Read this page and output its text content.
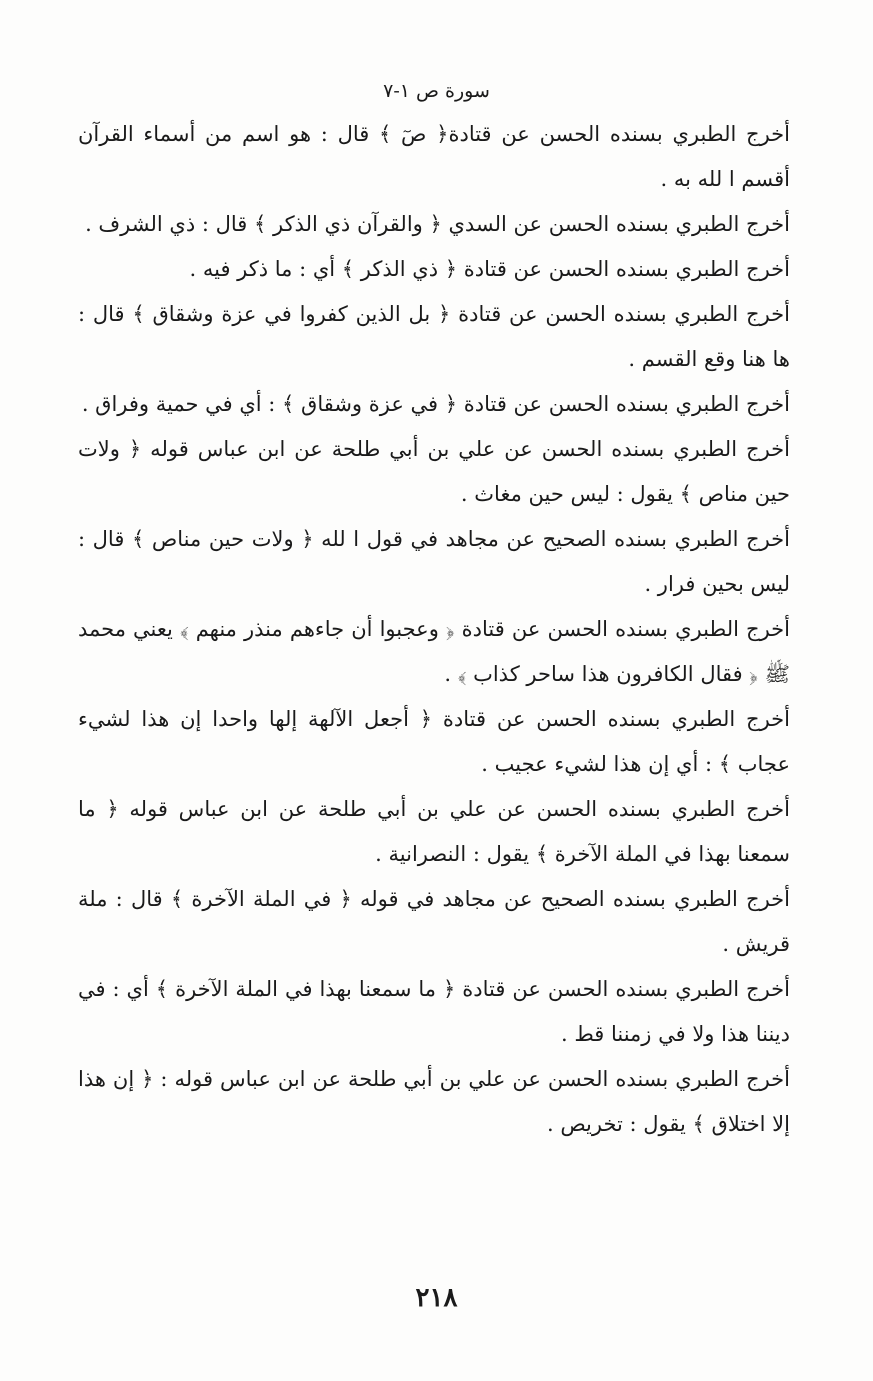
سورة ص ١-٧

أخرج الطبري بسنده الحسن عن قتادة﴿ صٓ ﴾ قال : هو اسم من أسماء القرآن أقسم ا لله به .

أخرج الطبري بسنده الحسن عن السدي ﴿ والقرآن ذي الذكر ﴾ قال : ذي الشرف .

أخرج الطبري بسنده الحسن عن قتادة ﴿ ذي الذكر ﴾ أي : ما ذكر فيه .

أخرج الطبري بسنده الحسن عن قتادة ﴿ بل الذين كفروا في عزة وشقاق ﴾ قال : ها هنا وقع القسم .

أخرج الطبري بسنده الحسن عن قتادة ﴿ في عزة وشقاق ﴾ : أي في حمية وفراق .

أخرج الطبري بسنده الحسن عن علي بن أبي طلحة عن ابن عباس قوله ﴿ ولات حين مناص ﴾ يقول : ليس حين مغاث .

أخرج الطبري بسنده الصحيح عن مجاهد في قول ا لله ﴿ ولات حين مناص ﴾ قال : ليس بحين فرار .

أخرج الطبري بسنده الحسن عن قتادة ﴿ وعجبوا أن جاءهم منذر منهم ﴾ يعني محمد ﷺ ﴿ فقال الكافرون هذا ساحر كذاب ﴾ .

أخرج الطبري بسنده الحسن عن قتادة ﴿ أجعل الآلهة إلها واحدا إن هذا لشيء عجاب ﴾ : أي إن هذا لشيء عجيب .

أخرج الطبري بسنده الحسن عن علي بن أبي طلحة عن ابن عباس قوله ﴿ ما سمعنا بهذا في الملة الآخرة ﴾ يقول : النصرانية .

أخرج الطبري بسنده الصحيح عن مجاهد في قوله ﴿ في الملة الآخرة ﴾ قال : ملة قريش .

أخرج الطبري بسنده الحسن عن قتادة ﴿ ما سمعنا بهذا في الملة الآخرة ﴾ أي : في ديننا هذا ولا في زمننا قط .

أخرج الطبري بسنده الحسن عن علي بن أبي طلحة عن ابن عباس قوله : ﴿ إن هذا إلا اختلاق ﴾ يقول : تخريص .

٢١٨
